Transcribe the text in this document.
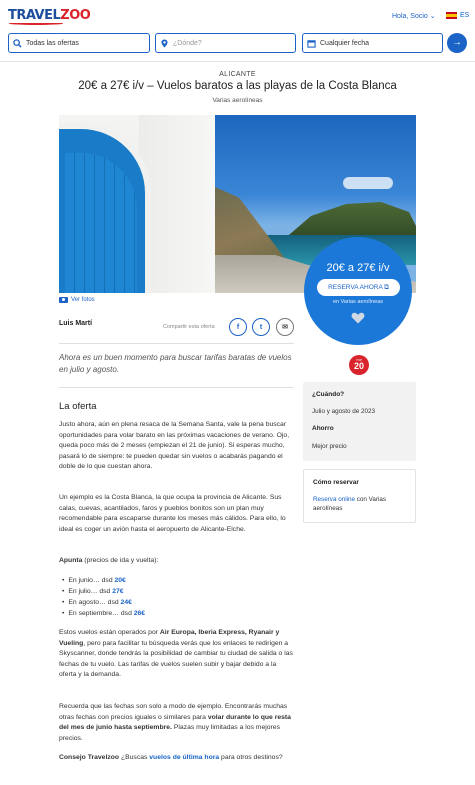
TRAVELZOO	Hola, Socio ⌄	ES
Todas las ofertas	¿Dónde?	Cualquier fecha	→
ALICANTE
20€ a 27€ i/v – Vuelos baratos a las playas de la Costa Blanca
Varias aerolíneas
Ver fotos
20€ a 27€ i/v
RESERVA AHORA ⧉
en Varias aerolíneas
TOP
20
Luis Martí	Compartir esta oferta	f	t	✉
Ahora es un buen momento para buscar tarifas baratas de vuelos en julio y agosto.
La oferta
Justo ahora, aún en plena resaca de la Semana Santa, vale la pena buscar oportunidades para volar barato en las próximas vacaciones de verano. Ojo, queda poco más de 2 meses (empiezan el 21 de junio). Si esperas mucho, pasará lo de siempre: te pueden quedar sin vuelos o acabarás pagando el doble de lo que cuestan ahora.
Un ejemplo es la Costa Blanca, la que ocupa la provincia de Alicante. Sus calas, cuevas, acantilados, faros y pueblos bonitos son un plan muy recomendable para escaparse durante los meses más cálidos. Para ello, lo ideal es coger un avión hasta el aeropuerto de Alicante-Elche.
Apunta (precios de ida y vuelta):
• En junio… dsd 20€
• En julio… dsd 27€
• En agosto… dsd 24€
• En septiembre… dsd 26€
Estos vuelos están operados por Air Europa, Iberia Express, Ryanair y Vueling, pero para facilitar tu búsqueda verás que los enlaces te redirigen a Skyscanner, donde tendrás la posibilidad de cambiar tu ciudad de salida o las fechas de tu vuelo. Las tarifas de vuelos suelen subir y bajar debido a la oferta y la demanda.
Recuerda que las fechas son solo a modo de ejemplo. Encontrarás muchas otras fechas con precios iguales o similares para volar durante lo que resta del mes de junio hasta septiembre. Plazas muy limitadas a los mejores precios.
Consejo Travelzoo ¿Buscas vuelos de última hora para otros destinos?
¿Cuándo?
Julio y agosto de 2023
Ahorro
Mejor precio
Cómo reservar
Reserva online con Varias aerolíneas
